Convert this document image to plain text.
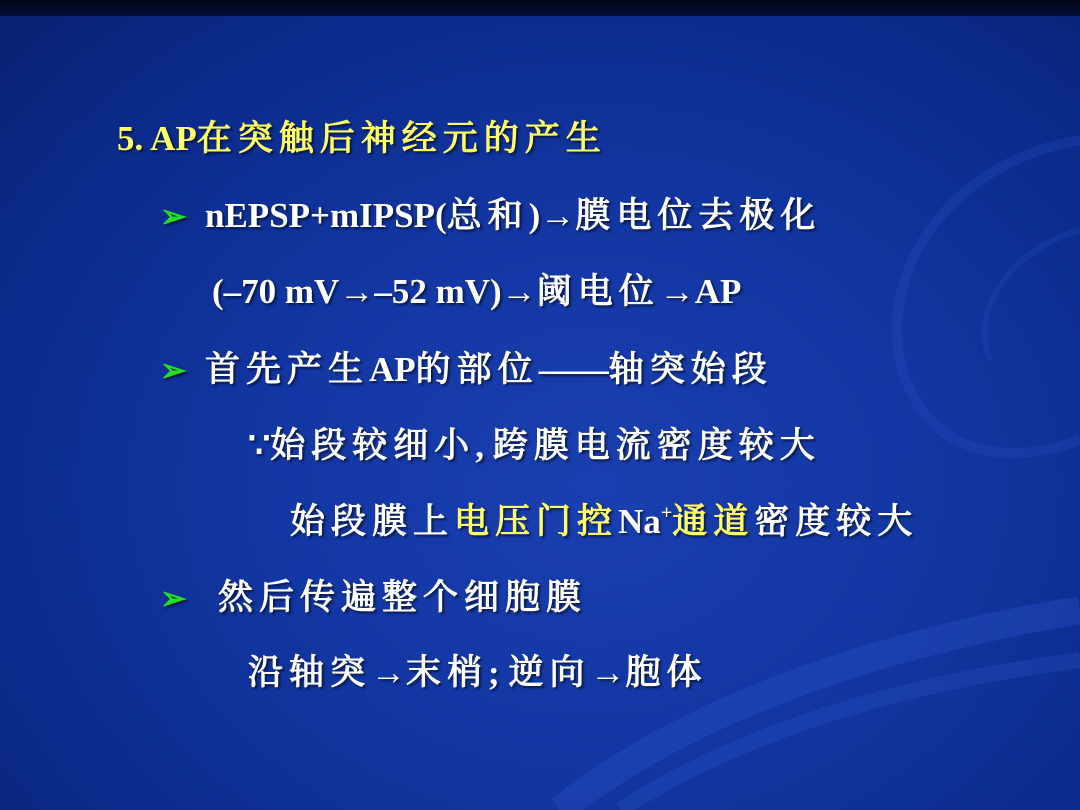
5. AP在突触后神经元的产生
➢ nEPSP+mIPSP(总和)→膜电位去极化
(–70 mV→–52 mV)→阈电位→AP
➢ 首先产生AP的部位——轴突始段
∵始段较细小, 跨膜电流密度较大
始段膜上电压门控Na+通道密度较大
➢ 然后传遍整个细胞膜
沿轴突→末梢; 逆向→胞体
